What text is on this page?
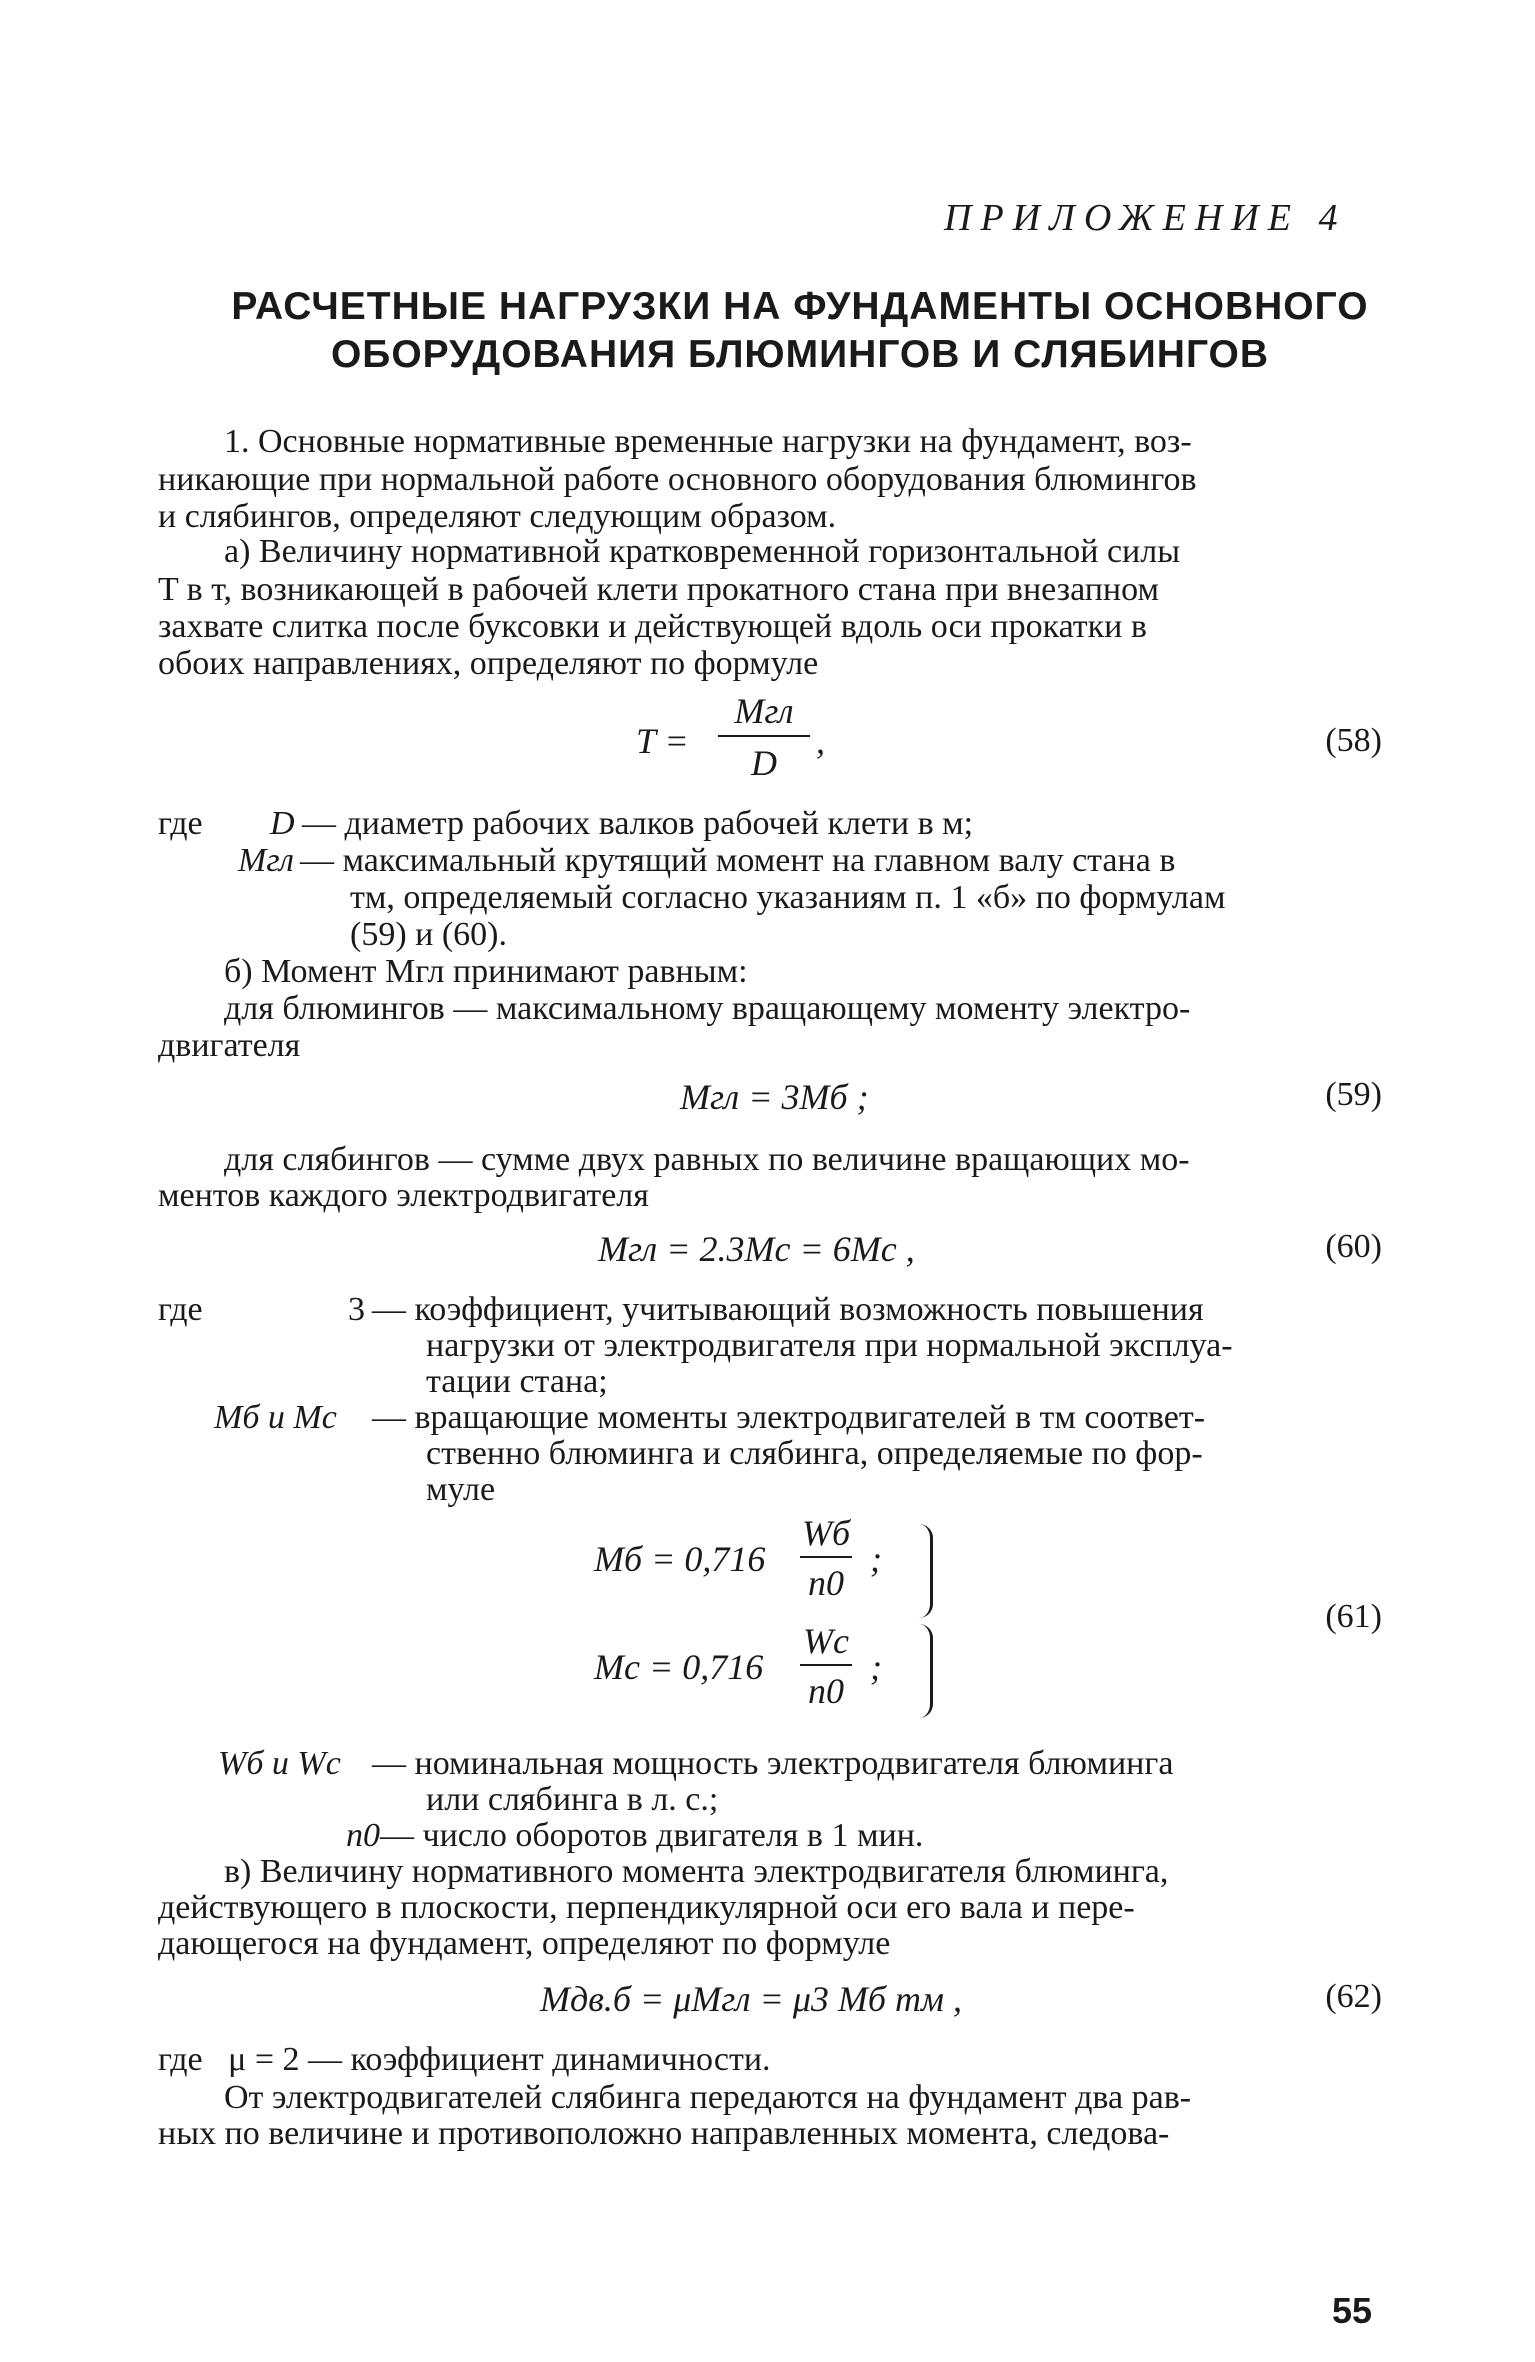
ПРИЛОЖЕНИЕ 4
РАСЧЕТНЫЕ НАГРУЗКИ НА ФУНДАМЕНТЫ ОСНОВНОГО
ОБОРУДОВАНИЯ БЛЮМИНГОВ И СЛЯБИНГОВ
1. Основные нормативные временные нагрузки на фундамент, воз-
никающие при нормальной работе основного оборудования блюмингов
и слябингов, определяют следующим образом.
а) Величину нормативной кратковременной горизонтальной силы
T в т, возникающей в рабочей клети прокатного стана при внезапном
захвате слитка после буксовки и действующей вдоль оси прокатки в
обоих направлениях, определяют по формуле
T =
Mгл
D
,	(58)
где D — диаметр рабочих валков рабочей клети в м;
Mгл — максимальный крутящий момент на главном валу стана в
тм, определяемый согласно указаниям п. 1 «б» по формулам
(59) и (60).
б) Момент Mгл принимают равным:
для блюмингов — максимальному вращающему моменту электро-
двигателя
Mгл = 3Mб ;	(59)
для слябингов — сумме двух равных по величине вращающих мо-
ментов каждого электродвигателя
Mгл = 2.3Mс = 6Mс ,	(60)
где	3 — коэффициент, учитывающий возможность повышения
нагрузки от электродвигателя при нормальной эксплуа-
тации стана;
Mб и Mс — вращающие моменты электродвигателей в тм соответ-
ственно блюминга и слябинга, определяемые по фор-
муле
Mб = 0,716
Wб
n0
;
Mс = 0,716
Wс
n0
;
(61)
Wб и Wс — номинальная мощность электродвигателя блюминга
или слябинга в л. с.;
n0 — число оборотов двигателя в 1 мин.
в) Величину нормативного момента электродвигателя блюминга,
действующего в плоскости, перпендикулярной оси его вала и пере-
дающегося на фундамент, определяют по формуле
Mдв.б = μMгл = μ3 Mб тм ,	(62)
где   μ = 2 — коэффициент динамичности.
От электродвигателей слябинга передаются на фундамент два рав-
ных по величине и противоположно направленных момента, следова-
55
